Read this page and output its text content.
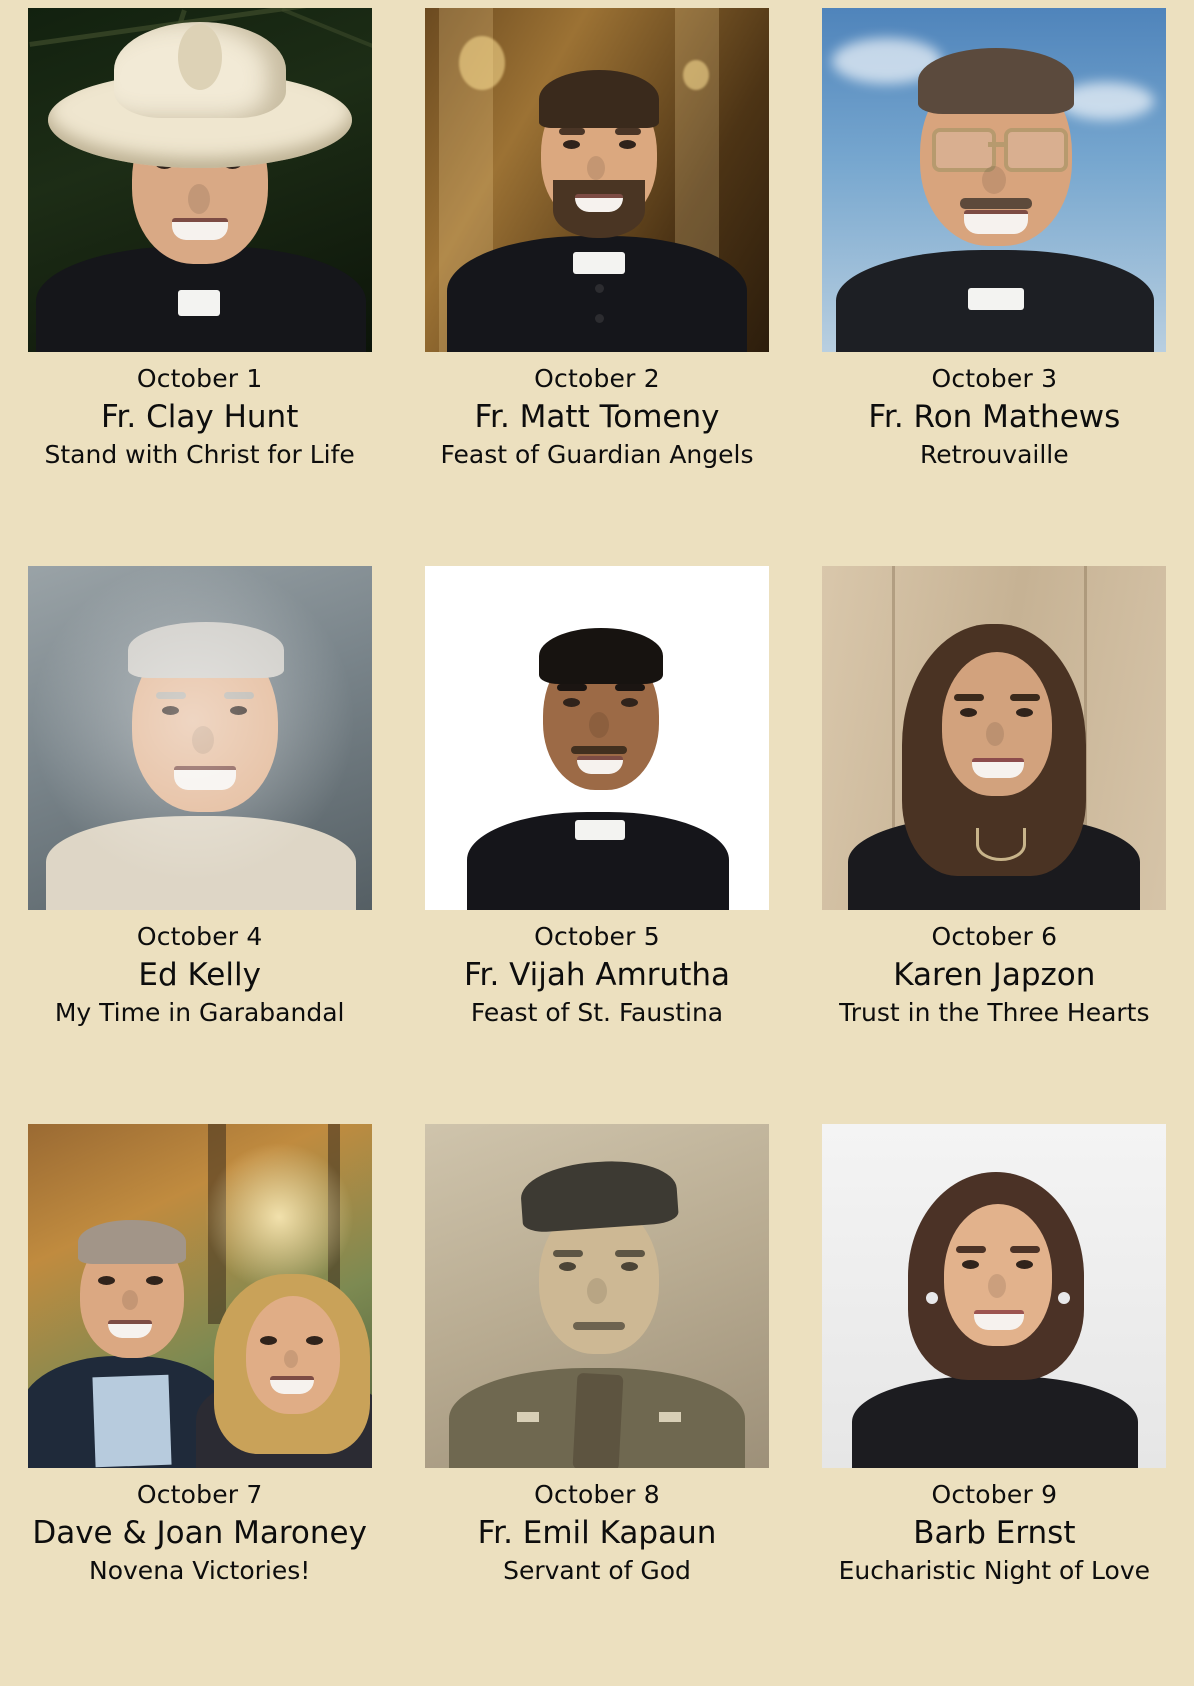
October 1
Fr. Clay Hunt
Stand with Christ for Life
October 2
Fr. Matt Tomeny
Feast of Guardian Angels
October 3
Fr. Ron Mathews
Retrouvaille
October 4
Ed Kelly
My Time in Garabandal
October 5
Fr. Vijah Amrutha
Feast of St. Faustina
October 6
Karen Japzon
Trust in the Three Hearts
October 7
Dave & Joan Maroney
Novena Victories!
October 8
Fr. Emil Kapaun
Servant of God
October 9
Barb Ernst
Eucharistic Night of Love
